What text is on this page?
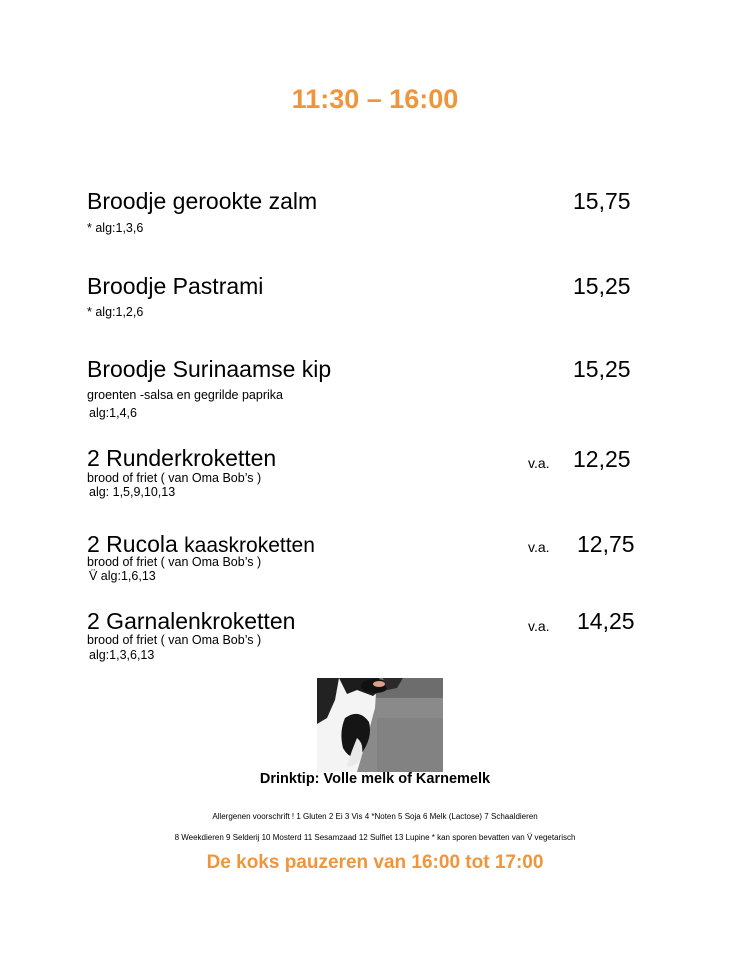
11:30 – 16:00
Broodje gerookte zalm	15,75
* alg:1,3,6
Broodje Pastrami	15,25
* alg:1,2,6
Broodje Surinaamse kip	15,25
groenten -salsa en gegrilde paprika
alg:1,4,6
2 Runderkroketten	v.a. 12,25
brood of friet ( van Oma Bob’s )
alg: 1,5,9,10,13
2 Rucola kaaskroketten	v.a. 12,75
brood of friet ( van Oma Bob’s )
V̈ alg:1,6,13
2 Garnalenkroketten	v.a. 14,25
brood of friet ( van Oma Bob’s )
alg:1,3,6,13
Drinktip: Volle melk of Karnemelk
Allergenen voorschrift ! 1 Gluten 2 Ei 3 Vis 4 *Noten 5 Soja 6 Melk (Lactose) 7 Schaaldieren
8 Weekdieren 9 Selderij 10 Mosterd 11 Sesamzaad 12 Sulfiet 13 Lupine * kan sporen bevatten van V̈ vegetarisch
De koks pauzeren van 16:00 tot 17:00
